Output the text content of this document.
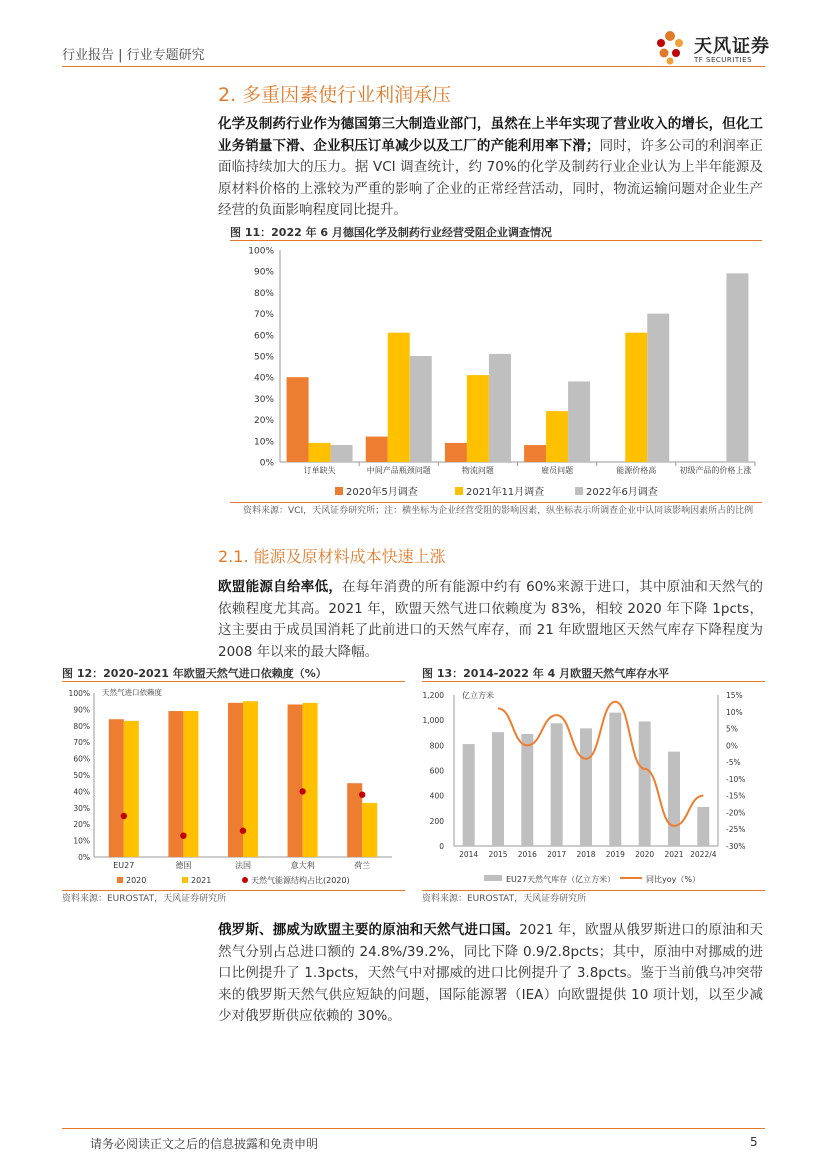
行业报告 | 行业专题研究	天风证券
TF SECURITIES
2. 多重因素使行业利润承压
化学及制药行业作为德国第三大制造业部门，虽然在上半年实现了营业收入的增长，但化工业务销量下滑、企业积压订单减少以及工厂的产能利用率下滑；同时，许多公司的利润率正面临持续加大的压力。据 VCI 调查统计，约 70%的化学及制药行业企业认为上半年能源及原材料价格的上涨较为严重的影响了企业的正常经营活动，同时，物流运输问题对企业生产经营的负面影响程度同比提升。
图 11：2022 年 6 月德国化学及制药行业经营受阻企业调查情况
0%
10%
20%
30%
40%
50%
60%
70%
80%
90%
100%
订单缺失	中间产品瓶颈问题	物流问题	雇员问题	能源价格高	初级产品的价格上涨
2020年5月调查	2021年11月调查	2022年6月调查
资料来源：VCI，天风证券研究所；注：横坐标为企业经营受阻的影响因素，纵坐标表示所调查企业中认同该影响因素所占的比例
2.1. 能源及原材料成本快速上涨
欧盟能源自给率低，在每年消费的所有能源中约有 60%来源于进口，其中原油和天然气的依赖程度尤其高。2021 年，欧盟天然气进口依赖度为 83%，相较 2020 年下降 1pcts，这主要由于成员国消耗了此前进口的天然气库存，而 21 年欧盟地区天然气库存下降程度为 2008 年以来的最大降幅。
图 12：2020-2021 年欧盟天然气进口依赖度（%）
0%
10%
20%
30%
40%
50%
60%
70%
80%
90%
100% 天然气进口依赖度
EU27	德国	法国	意大利	荷兰
2020	2021	天然气能源结构占比(2020)
资料来源：EUROSTAT，天风证券研究所
图 13：2014-2022 年 4 月欧盟天然气库存水平
0
200
400
600
800
1,000
1,200
-30%
-25%
-20%
-15%
-10%
-5%
0%
5%
10%
15%
亿立方米
2014 2015 2016 2017 2018 2019 2020 2021 2022/4
EU27天然气库存（亿立方米）	同比yoy（%）
资料来源：EUROSTAT，天风证券研究所
俄罗斯、挪威为欧盟主要的原油和天然气进口国。2021 年，欧盟从俄罗斯进口的原油和天然气分别占总进口额的 24.8%/39.2%，同比下降 0.9/2.8pcts；其中，原油中对挪威的进口比例提升了 1.3pcts，天然气中对挪威的进口比例提升了 3.8pcts。鉴于当前俄乌冲突带来的俄罗斯天然气供应短缺的问题，国际能源署（IEA）向欧盟提供 10 项计划，以至少减少对俄罗斯供应依赖的 30%。
请务必阅读正文之后的信息披露和免责申明	5
